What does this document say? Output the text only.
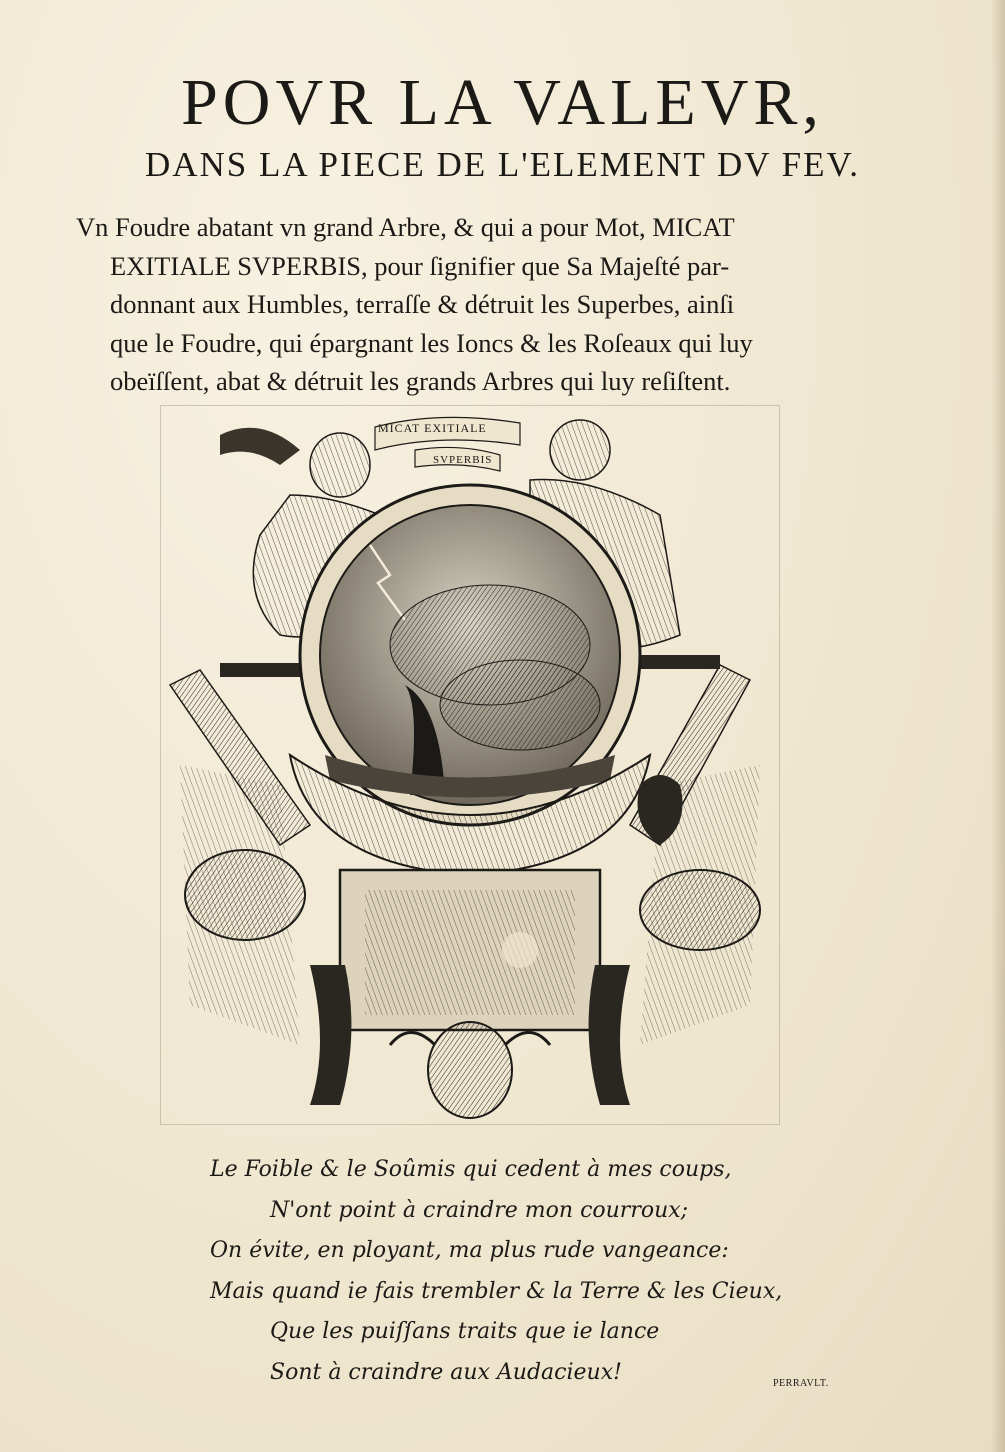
POVR LA VALEVR,
DANS LA PIECE DE L'ELEMENT DV FEV.
Vn Foudre abatant vn grand Arbre, & qui a pour Mot, MICAT
EXITIALE SVPERBIS, pour ſignifier que Sa Majeſté par-
donnant aux Humbles, terraſſe & détruit les Superbes, ainſi
que le Foudre, qui épargnant les Ioncs & les Roſeaux qui luy
obeïſſent, abat & détruit les grands Arbres qui luy reſiſtent.
MICAT EXITIALE
SVPERBIS
Le Foible & le Soûmis qui cedent à mes coups,
N'ont point à craindre mon courroux;
On évite, en ployant, ma plus rude vangeance:
Mais quand ie fais trembler & la Terre & les Cieux,
Que les puiſſans traits que ie lance
Sont à craindre aux Audacieux!	PERRAVLT.
